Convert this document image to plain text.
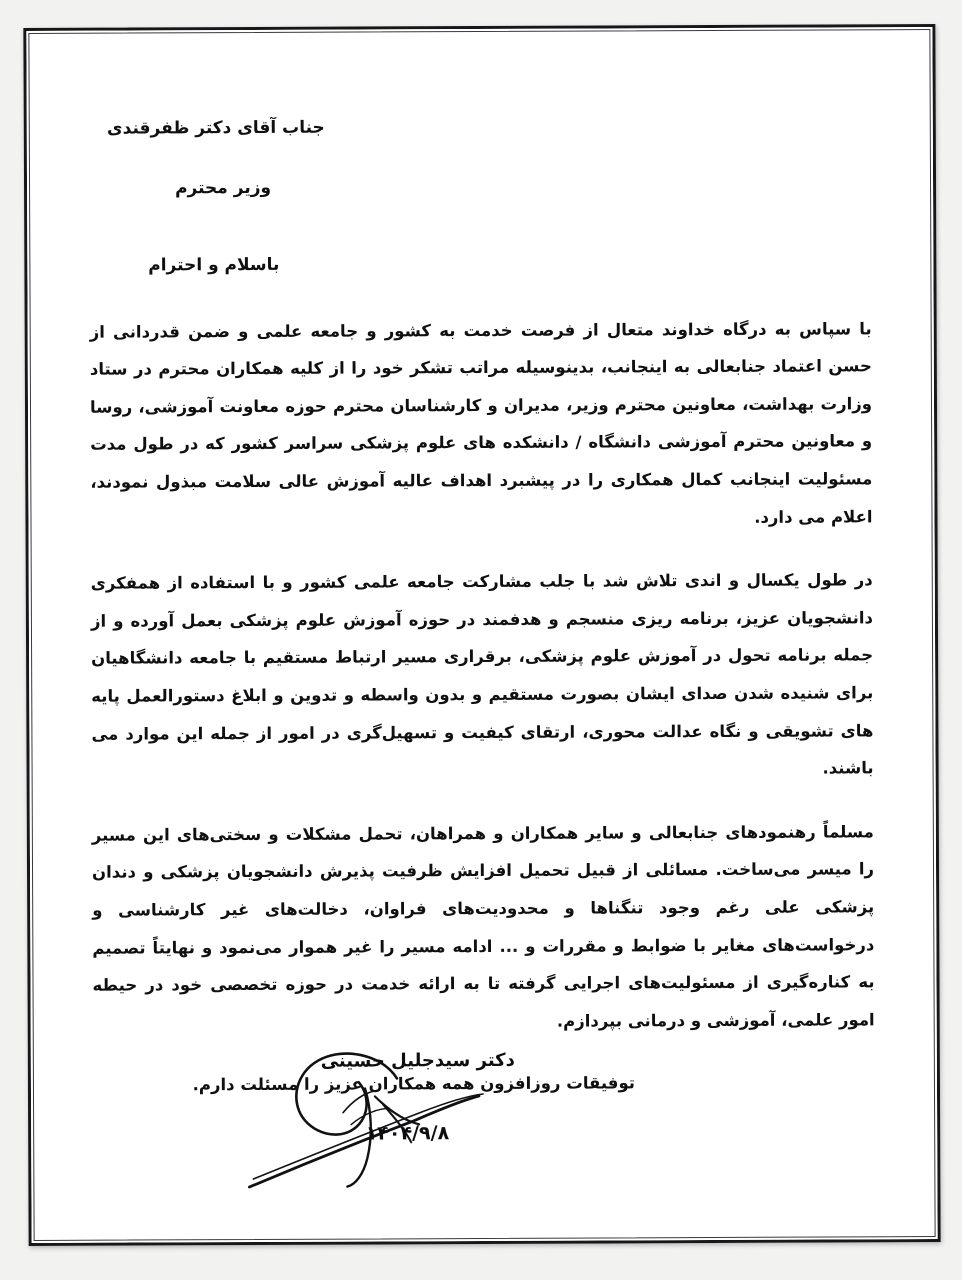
جناب آقای دکتر ظفرقندی

وزیر محترم

باسلام و احترام

با سپاس به درگاه خداوند متعال از فرصت خدمت به کشور و جامعه علمی و ضمن قدردانی از حسن اعتماد جنابعالی به اینجانب، بدینوسیله مراتب تشکر خود را از کلیه همکاران محترم در ستاد وزارت بهداشت، معاونین محترم وزیر، مدیران و کارشناسان محترم حوزه معاونت آموزشی، روسا و معاونین محترم آموزشی دانشگاه / دانشکده های علوم پزشکی سراسر کشور که در طول مدت مسئولیت اینجانب کمال همکاری را در پیشبرد اهداف عالیه آموزش عالی سلامت مبذول نمودند، اعلام می دارد.

در طول یکسال و اندی تلاش شد با جلب مشارکت جامعه علمی کشور و با استفاده از همفکری دانشجویان عزیز، برنامه ریزی منسجم و هدفمند در حوزه آموزش علوم پزشکی بعمل آورده و از جمله برنامه تحول در آموزش علوم پزشکی، برقراری مسیر ارتباط مستقیم با جامعه دانشگاهیان برای شنیده شدن صدای ایشان بصورت مستقیم و بدون واسطه و تدوین و ابلاغ دستورالعمل پایه های تشویقی و نگاه عدالت محوری، ارتقای کیفیت و تسهیل‌گری در امور از جمله این موارد می باشند.

مسلماً رهنمودهای جنابعالی و سایر همکاران و همراهان، تحمل مشکلات و سختی‌های این مسیر را میسر می‌ساخت. مسائلی از قبیل تحمیل افزایش ظرفیت پذیرش دانشجویان پزشکی و دندان پزشکی علی رغم وجود تنگناها و محدودیت‌های فراوان، دخالت‌های غیر کارشناسی و درخواست‌های مغایر با ضوابط و مقررات و ... ادامه مسیر را غیر هموار می‌نمود و نهایتاً تصمیم به کناره‌گیری از مسئولیت‌های اجرایی گرفته تا به ارائه خدمت در حوزه تخصصی خود در حیطه امور علمی، آموزشی و درمانی بپردازم.

توفیقات روزافزون همه همکاران عزیز را مسئلت دارم.

دکتر سیدجلیل حسینی
۱۴۰۴/۹/۸
